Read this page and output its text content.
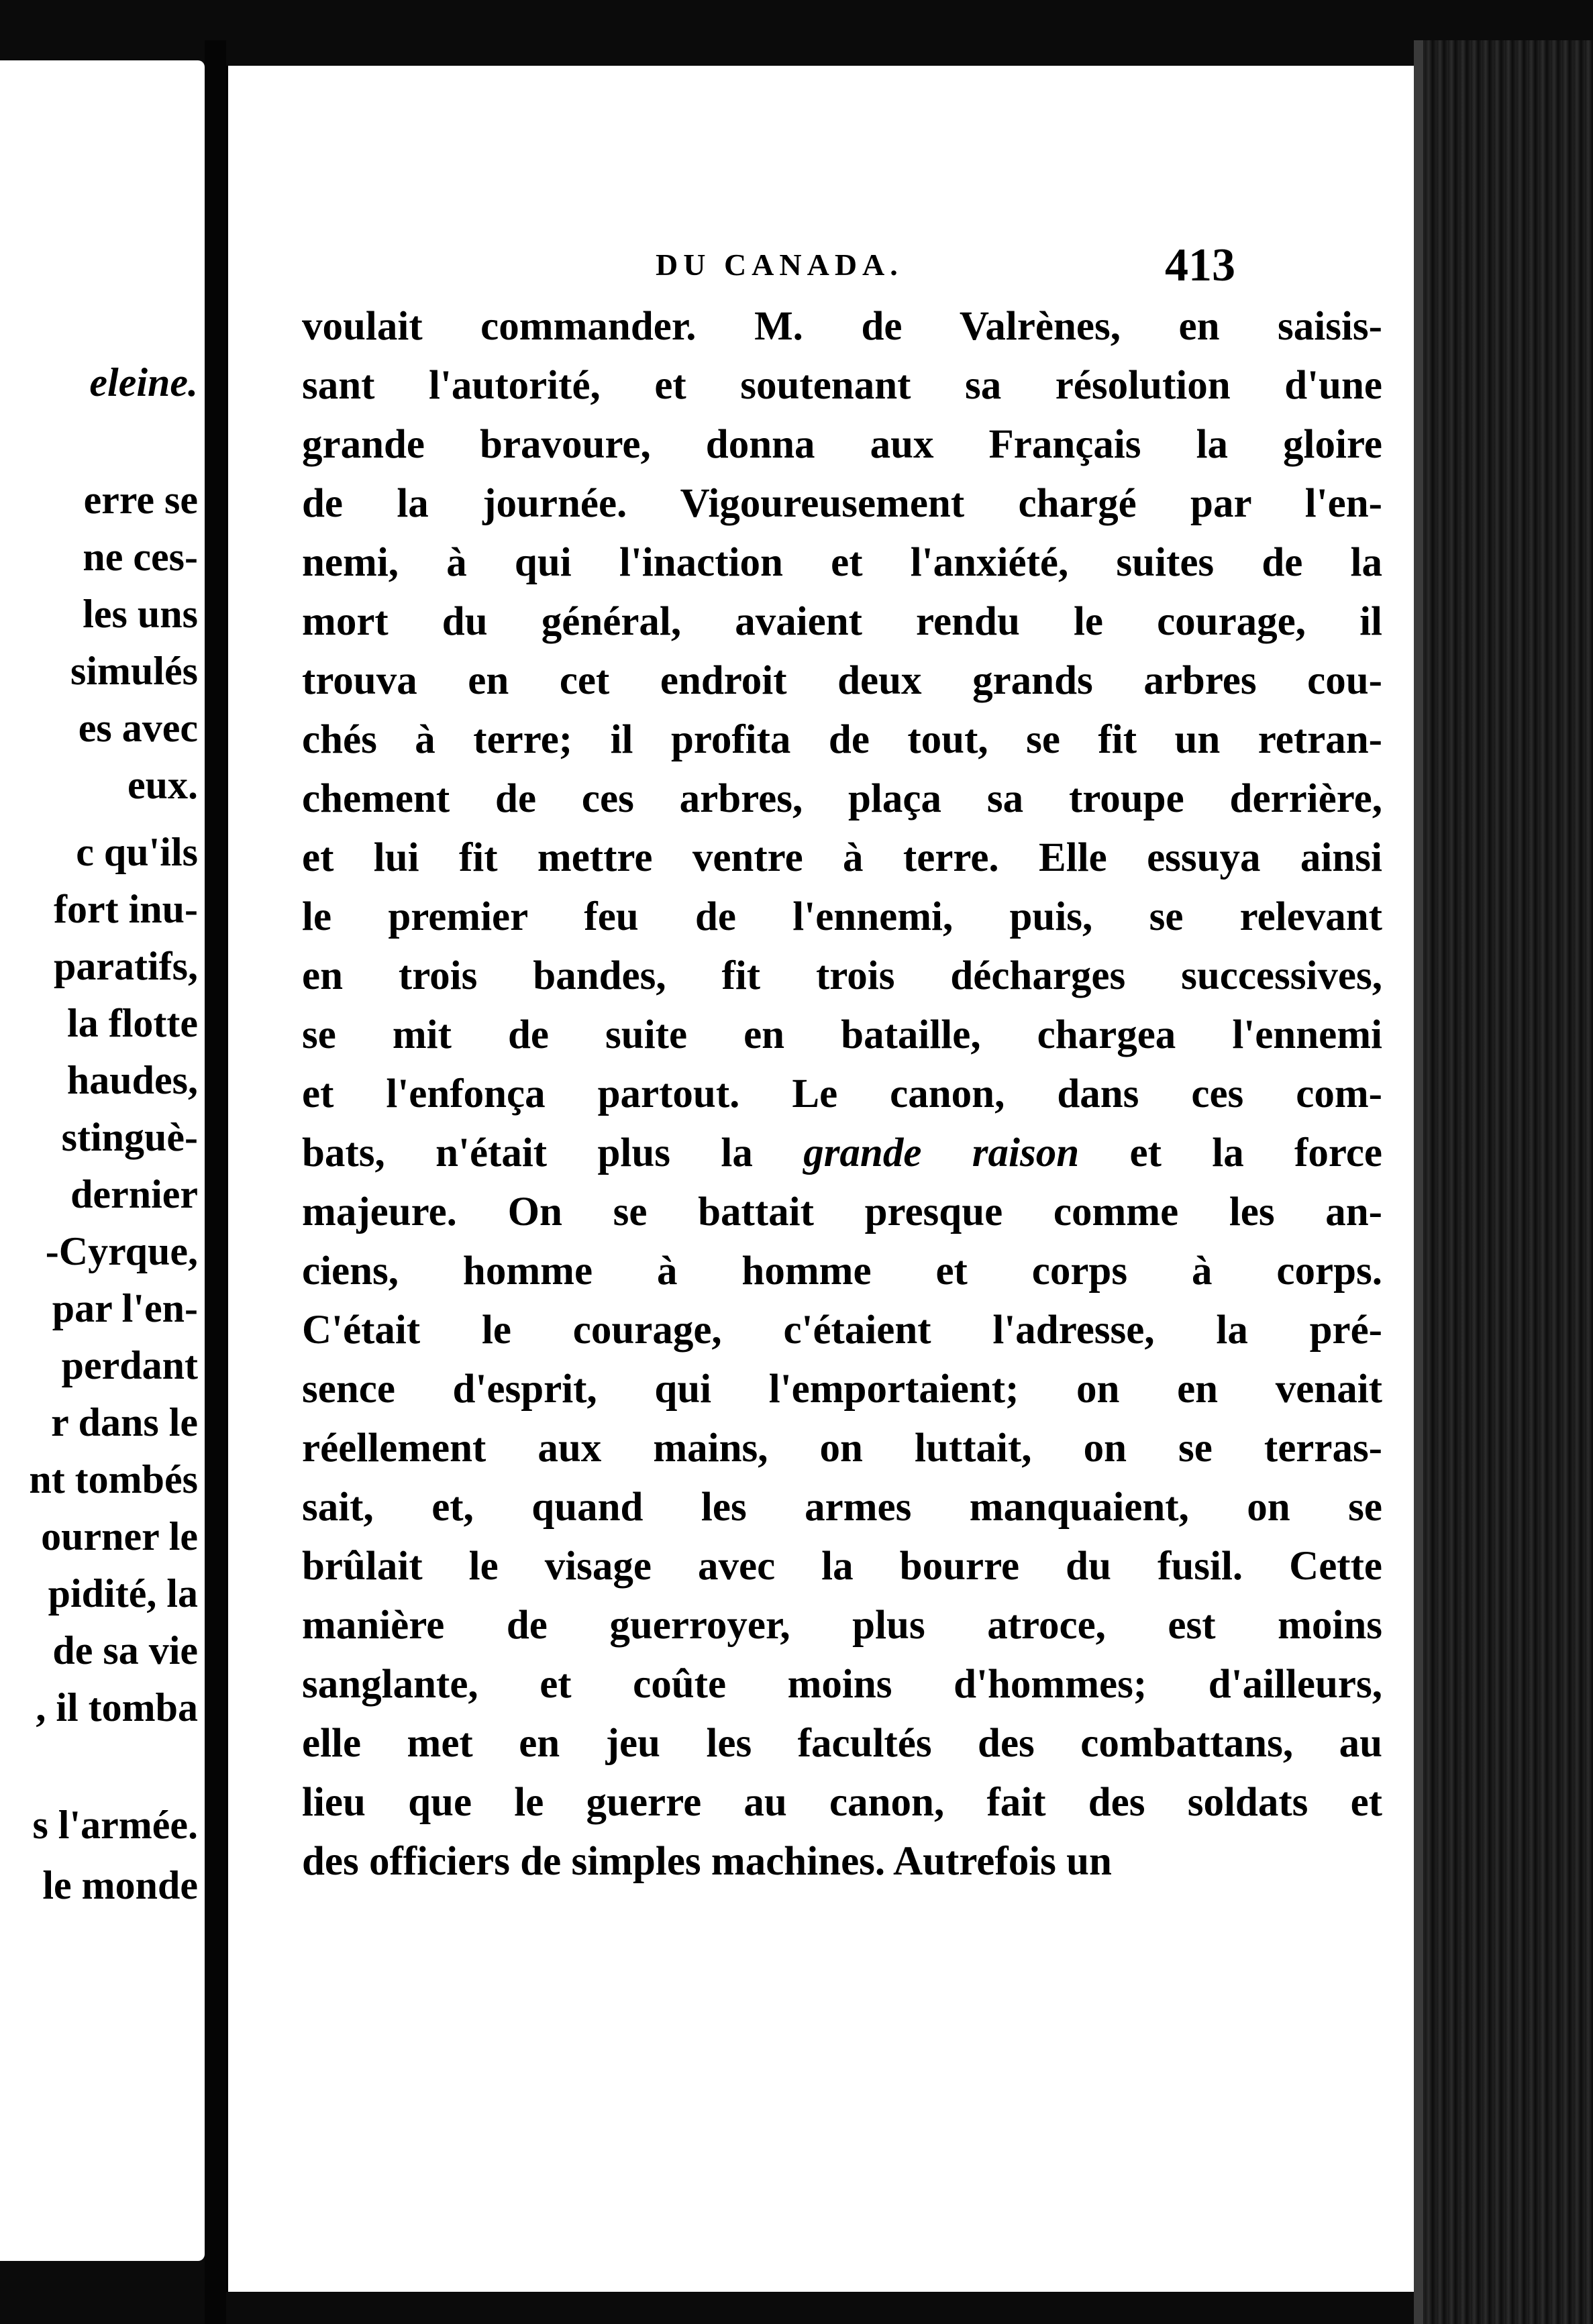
eleine.
erre se
ne ces-
les uns
simulés
es avec
eux.
c qu'ils
fort inu-
paratifs,
la flotte
haudes,
stinguè-
dernier
-Cyrque,
par l'en-
perdant
r dans le
nt tombés
ourner le
pidité, la
de sa vie
, il tomba
s l'armée.
le monde
DU CANADA.	413
voulait commander. M. de Valrènes, en saisis-
sant l'autorité, et soutenant sa résolution d'une
grande bravoure, donna aux Français la gloire
de la journée. Vigoureusement chargé par l'en-
nemi, à qui l'inaction et l'anxiété, suites de la
mort du général, avaient rendu le courage, il
trouva en cet endroit deux grands arbres cou-
chés à terre; il profita de tout, se fit un retran-
chement de ces arbres, plaça sa troupe derrière,
et lui fit mettre ventre à terre. Elle essuya ainsi
le premier feu de l'ennemi, puis, se relevant
en trois bandes, fit trois décharges successives,
se mit de suite en bataille, chargea l'ennemi
et l'enfonça partout. Le canon, dans ces com-
bats, n'était plus la grande raison et la force
majeure. On se battait presque comme les an-
ciens, homme à homme et corps à corps.
C'était le courage, c'étaient l'adresse, la pré-
sence d'esprit, qui l'emportaient; on en venait
réellement aux mains, on luttait, on se terras-
sait, et, quand les armes manquaient, on se
brûlait le visage avec la bourre du fusil. Cette
manière de guerroyer, plus atroce, est moins
sanglante, et coûte moins d'hommes; d'ailleurs,
elle met en jeu les facultés des combattans, au
lieu que le guerre au canon, fait des soldats et
des officiers de simples machines. Autrefois un
